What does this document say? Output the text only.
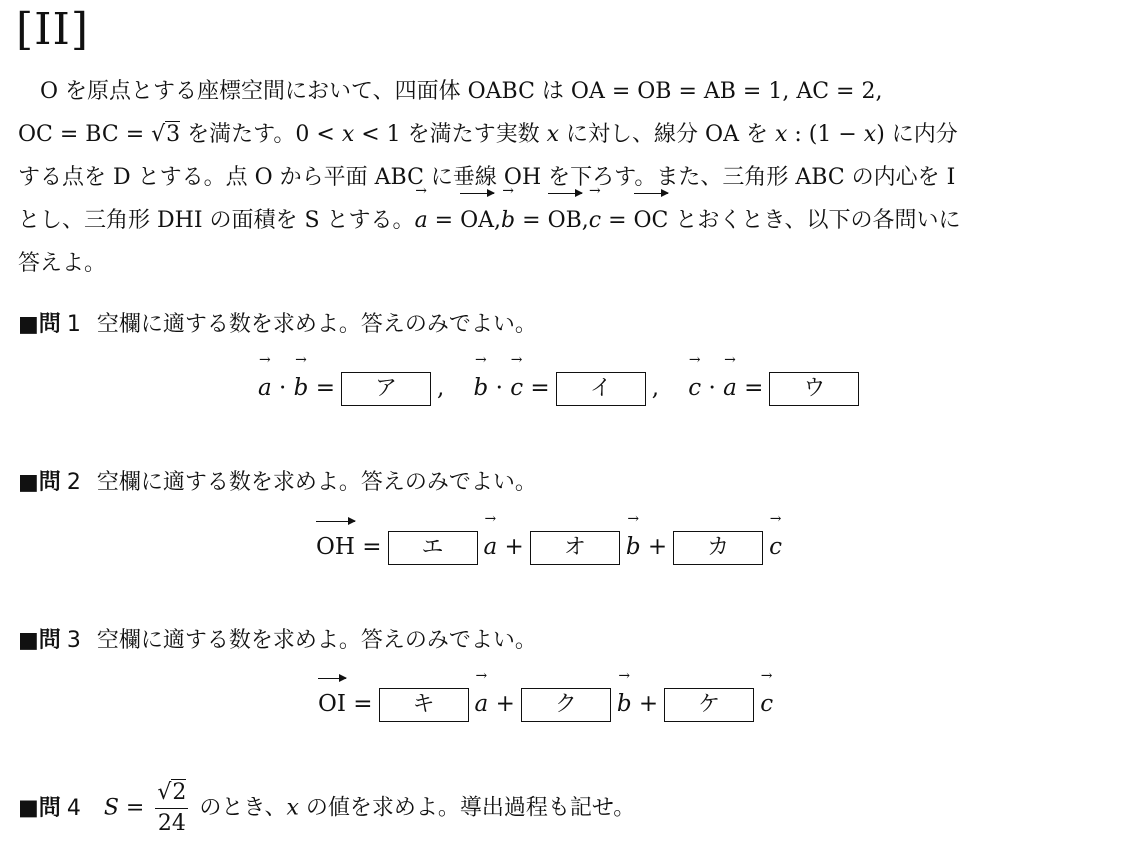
[II]
O を原点とする座標空間において、四面体 OABC は OA = OB = AB = 1, AC = 2,
OC = BC = √3 を満たす。0 < x < 1 を満たす実数 x に対し、線分 OA を x : (1 − x) に内分
する点を D とする。点 O から平面 ABC に垂線 OH を下ろす。また、三角形 ABC の内心を I
とし、三角形 DHI の面積を S とする。→ a =
OA,→ b =
OB,→ c =
OC とおくとき、以下の各問いに
答えよ。
■問 1 空欄に適する数を求めよ。答えのみでよい。
→ a · → b = ア , → b · → c = イ , → c · → a = ウ
■問 2 空欄に適する数を求めよ。答えのみでよい。
OH = エ → a + オ → b + カ → c
■問 3 空欄に適する数を求めよ。答えのみでよい。
OI = キ → a + ク → b + ケ → c
■問 4 $S = \frac{√2}{24}$ のとき、x の値を求めよ。導出過程も記せ。
